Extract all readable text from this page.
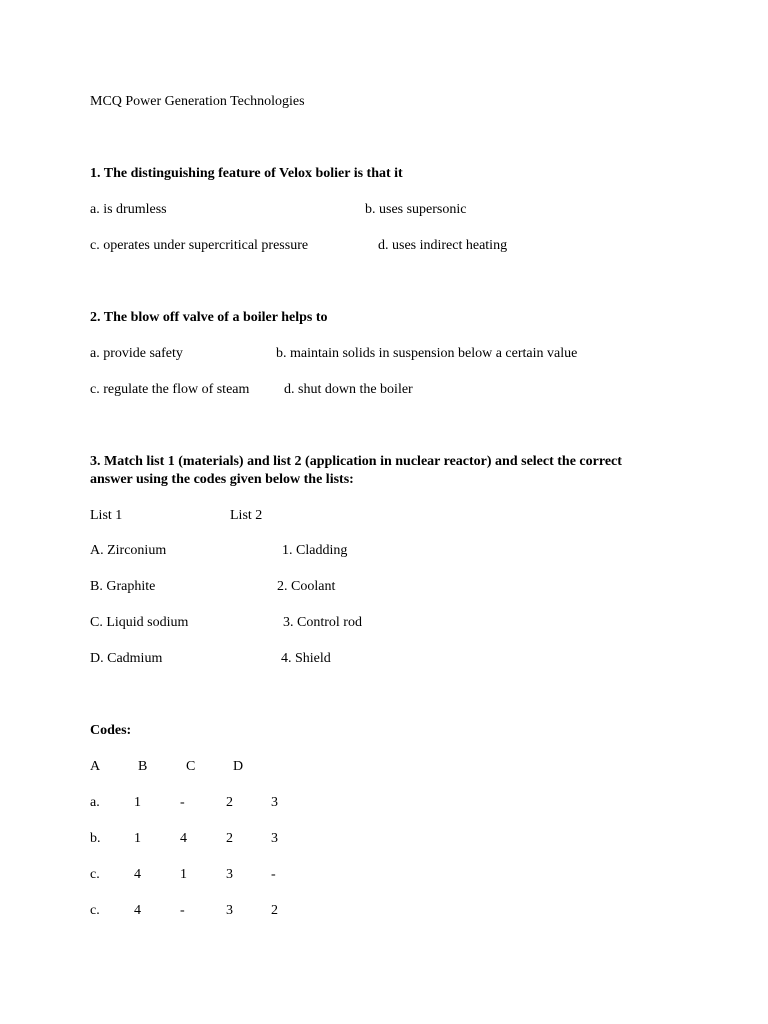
MCQ Power Generation Technologies
1. The distinguishing feature of Velox bolier is that it
a. is drumless	b. uses supersonic
c. operates under supercritical pressure	d. uses indirect heating
2. The blow off valve of a boiler helps to
a. provide safety	b. maintain solids in suspension below a certain value
c. regulate the flow of steam d. shut down the boiler
3. Match list 1 (materials) and list 2 (application in nuclear reactor) and select the correct
answer using the codes given below the lists:
List 1	List 2
A. Zirconium	1. Cladding
B. Graphite	2. Coolant
C. Liquid sodium	3. Control rod
D. Cadmium	4. Shield
Codes:
A	B	C	D
a. 1	-	2	3
b. 1	4	2	3
c. 4	1	3	-
c. 4	-	3	2
